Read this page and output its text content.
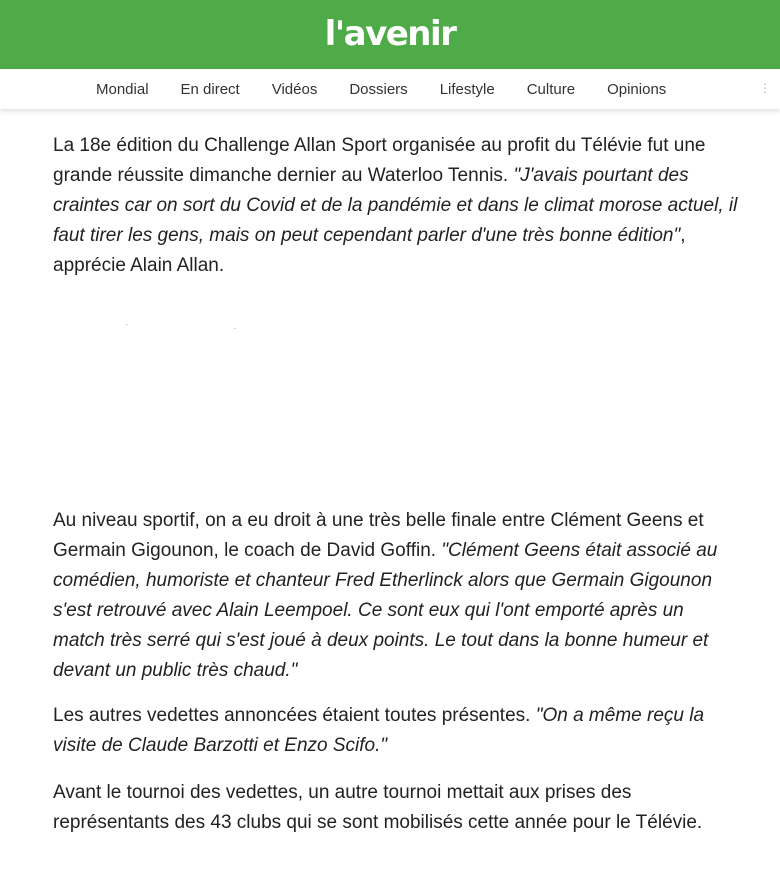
l'avenir
Mondial En direct Vidéos Dossiers Lifestyle Culture Opinions	⋮

La 18e édition du Challenge Allan Sport organisée au profit du Télévie fut une grande réussite dimanche dernier au Waterloo Tennis. "J'avais pourtant des craintes car on sort du Covid et de la pandémie et dans le climat morose actuel, il faut tirer les gens, mais on peut cependant parler d'une très bonne édition", apprécie Alain Allan.

Au niveau sportif, on a eu droit à une très belle finale entre Clément Geens et Germain Gigounon, le coach de David Goffin. "Clément Geens était associé au comédien, humoriste et chanteur Fred Etherlinck alors que Germain Gigounon s'est retrouvé avec Alain Leempoel. Ce sont eux qui l'ont emporté après un match très serré qui s'est joué à deux points. Le tout dans la bonne humeur et devant un public très chaud."

Les autres vedettes annoncées étaient toutes présentes. "On a même reçu la visite de Claude Barzotti et Enzo Scifo."

Avant le tournoi des vedettes, un autre tournoi mettait aux prises des représentants des 43 clubs qui se sont mobilisés cette année pour le Télévie.
